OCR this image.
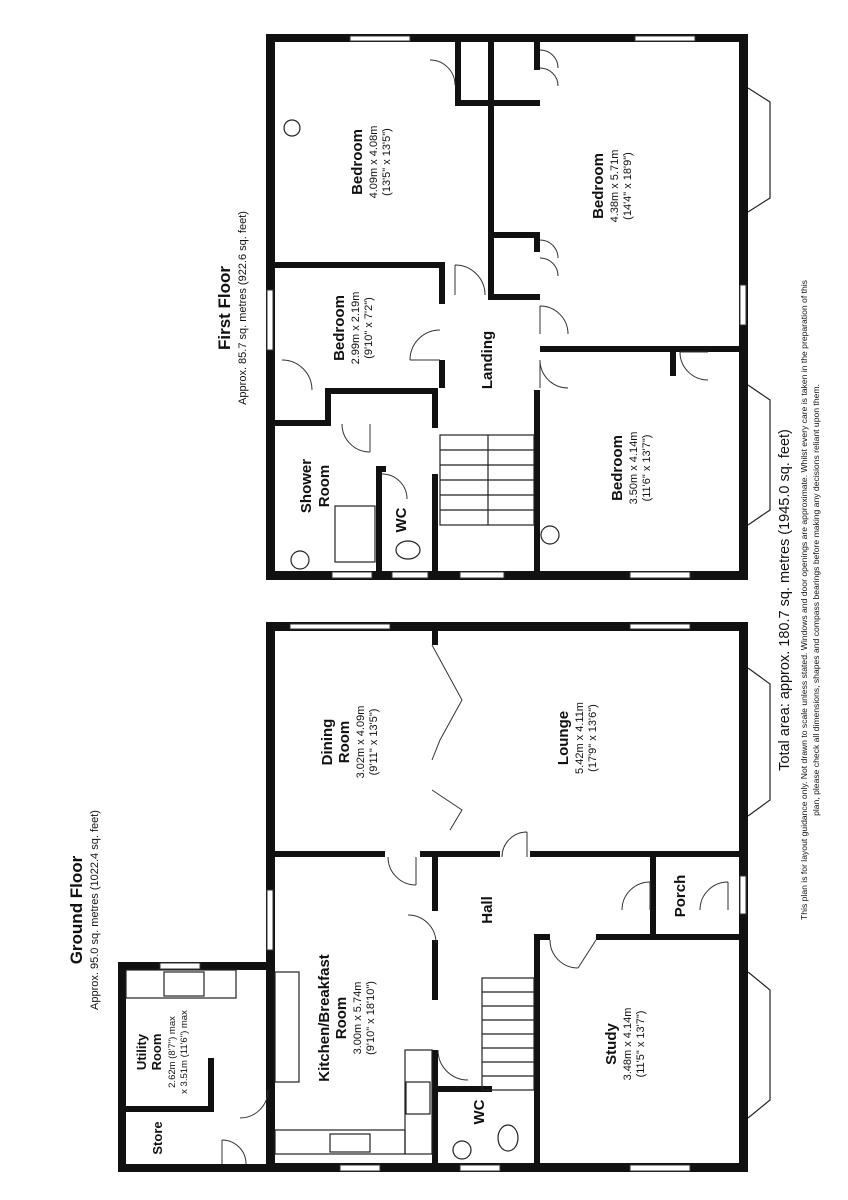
First Floor Approx. 85.7 sq. metres (922.6 sq. feet)
Ground Floor Approx. 95.0 sq. metres (1022.4 sq. feet)
Bedroom 4.09m x 4.08m (13'5" x 13'5")	Bedroom 4.38m x 5.71m (14'4" x 18'9")
Bedroom 2.99m x 2.19m (9'10" x 7'2")
Landing
Shower Room
WC
Bedroom 3.50m x 4.14m (11'6" x 13'7")
Kitchen/Breakfast Room 3.00m x 5.74m (9'10" x 18'10")
Dining Room 3.02m x 4.09m (9'11" x 13'5")	Lounge 5.42m x 4.11m (17'9" x 13'6")
Hall	Porch
Study 3.48m x 4.14m (11'5" x 13'7")
WC
Utility Room 2.62m (8'7") max x 3.51m (11'6") max
Store
Total area: approx. 180.7 sq. metres (1945.0 sq. feet) This plan is for layout guidance only. Not drawn to scale unless stated. Windows and door openings are approximate. Whilst every care is taken in the preparation of this plan, please check all dimensions, shapes and compass bearings before making any decisions reliant upon them.
